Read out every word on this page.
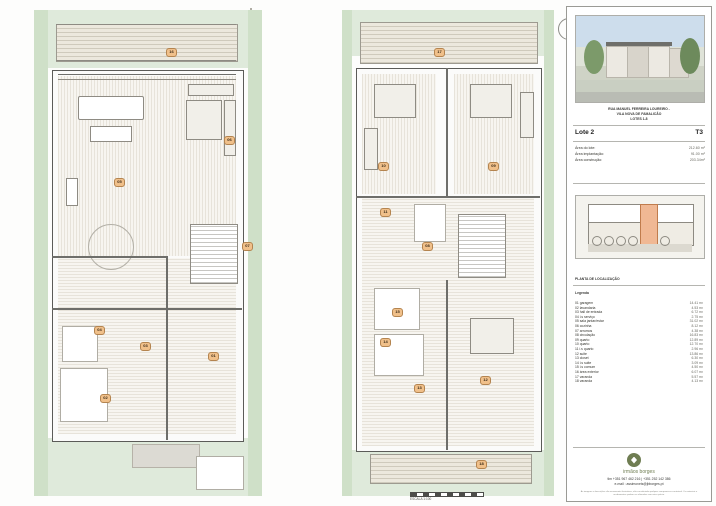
16
06
05
04
03
07
02
01
17
10	09
11
08
15
14
13
12
18
RUA MANUEL FERREIRA LOUREIRO -
VILA NOVA DE FAMALICÃO
LOTES 1-8
Lote 2	T3
Área do lote:	212.60 m²
Área implantação:	91.00 m²
Área construção:	203.34m²
PLANTA DE LOCALIZAÇÃO
Legenda
01 garagem	14.41 m²
02 lavandaria	4.53 m²
03 hall de entrada	6.72 m²
04 i.s serviço	2.75 m²
05 sala jantar/estar	31.02 m²
06 cozinha	8.12 m²
07 arrumos	4.38 m²
08 circulação	16.83 m²
09 quarto	12.89 m²
10 quarto	12.70 m²
11 i.s quarto	2.96 m²
12 suite	13.86 m²
13 closet	6.30 m²
14 i.s suite	3.09 m²
15 i.s comum	4.50 m²
16 área exterior	6.07 m²
17 varanda	5.57 m²
18 varanda	4.13 m²
irmãos borges
tlm +351 967 462 216 | +351 252 142 386
e-mail : assimoveis@jbborges.pt
As imagens e descrições são meramente ilustrativas, não constituindo qualquer compromisso contratual. Os materiais e acabamentos podem ser alterados sem aviso prévio.
ESCALA 1:100
